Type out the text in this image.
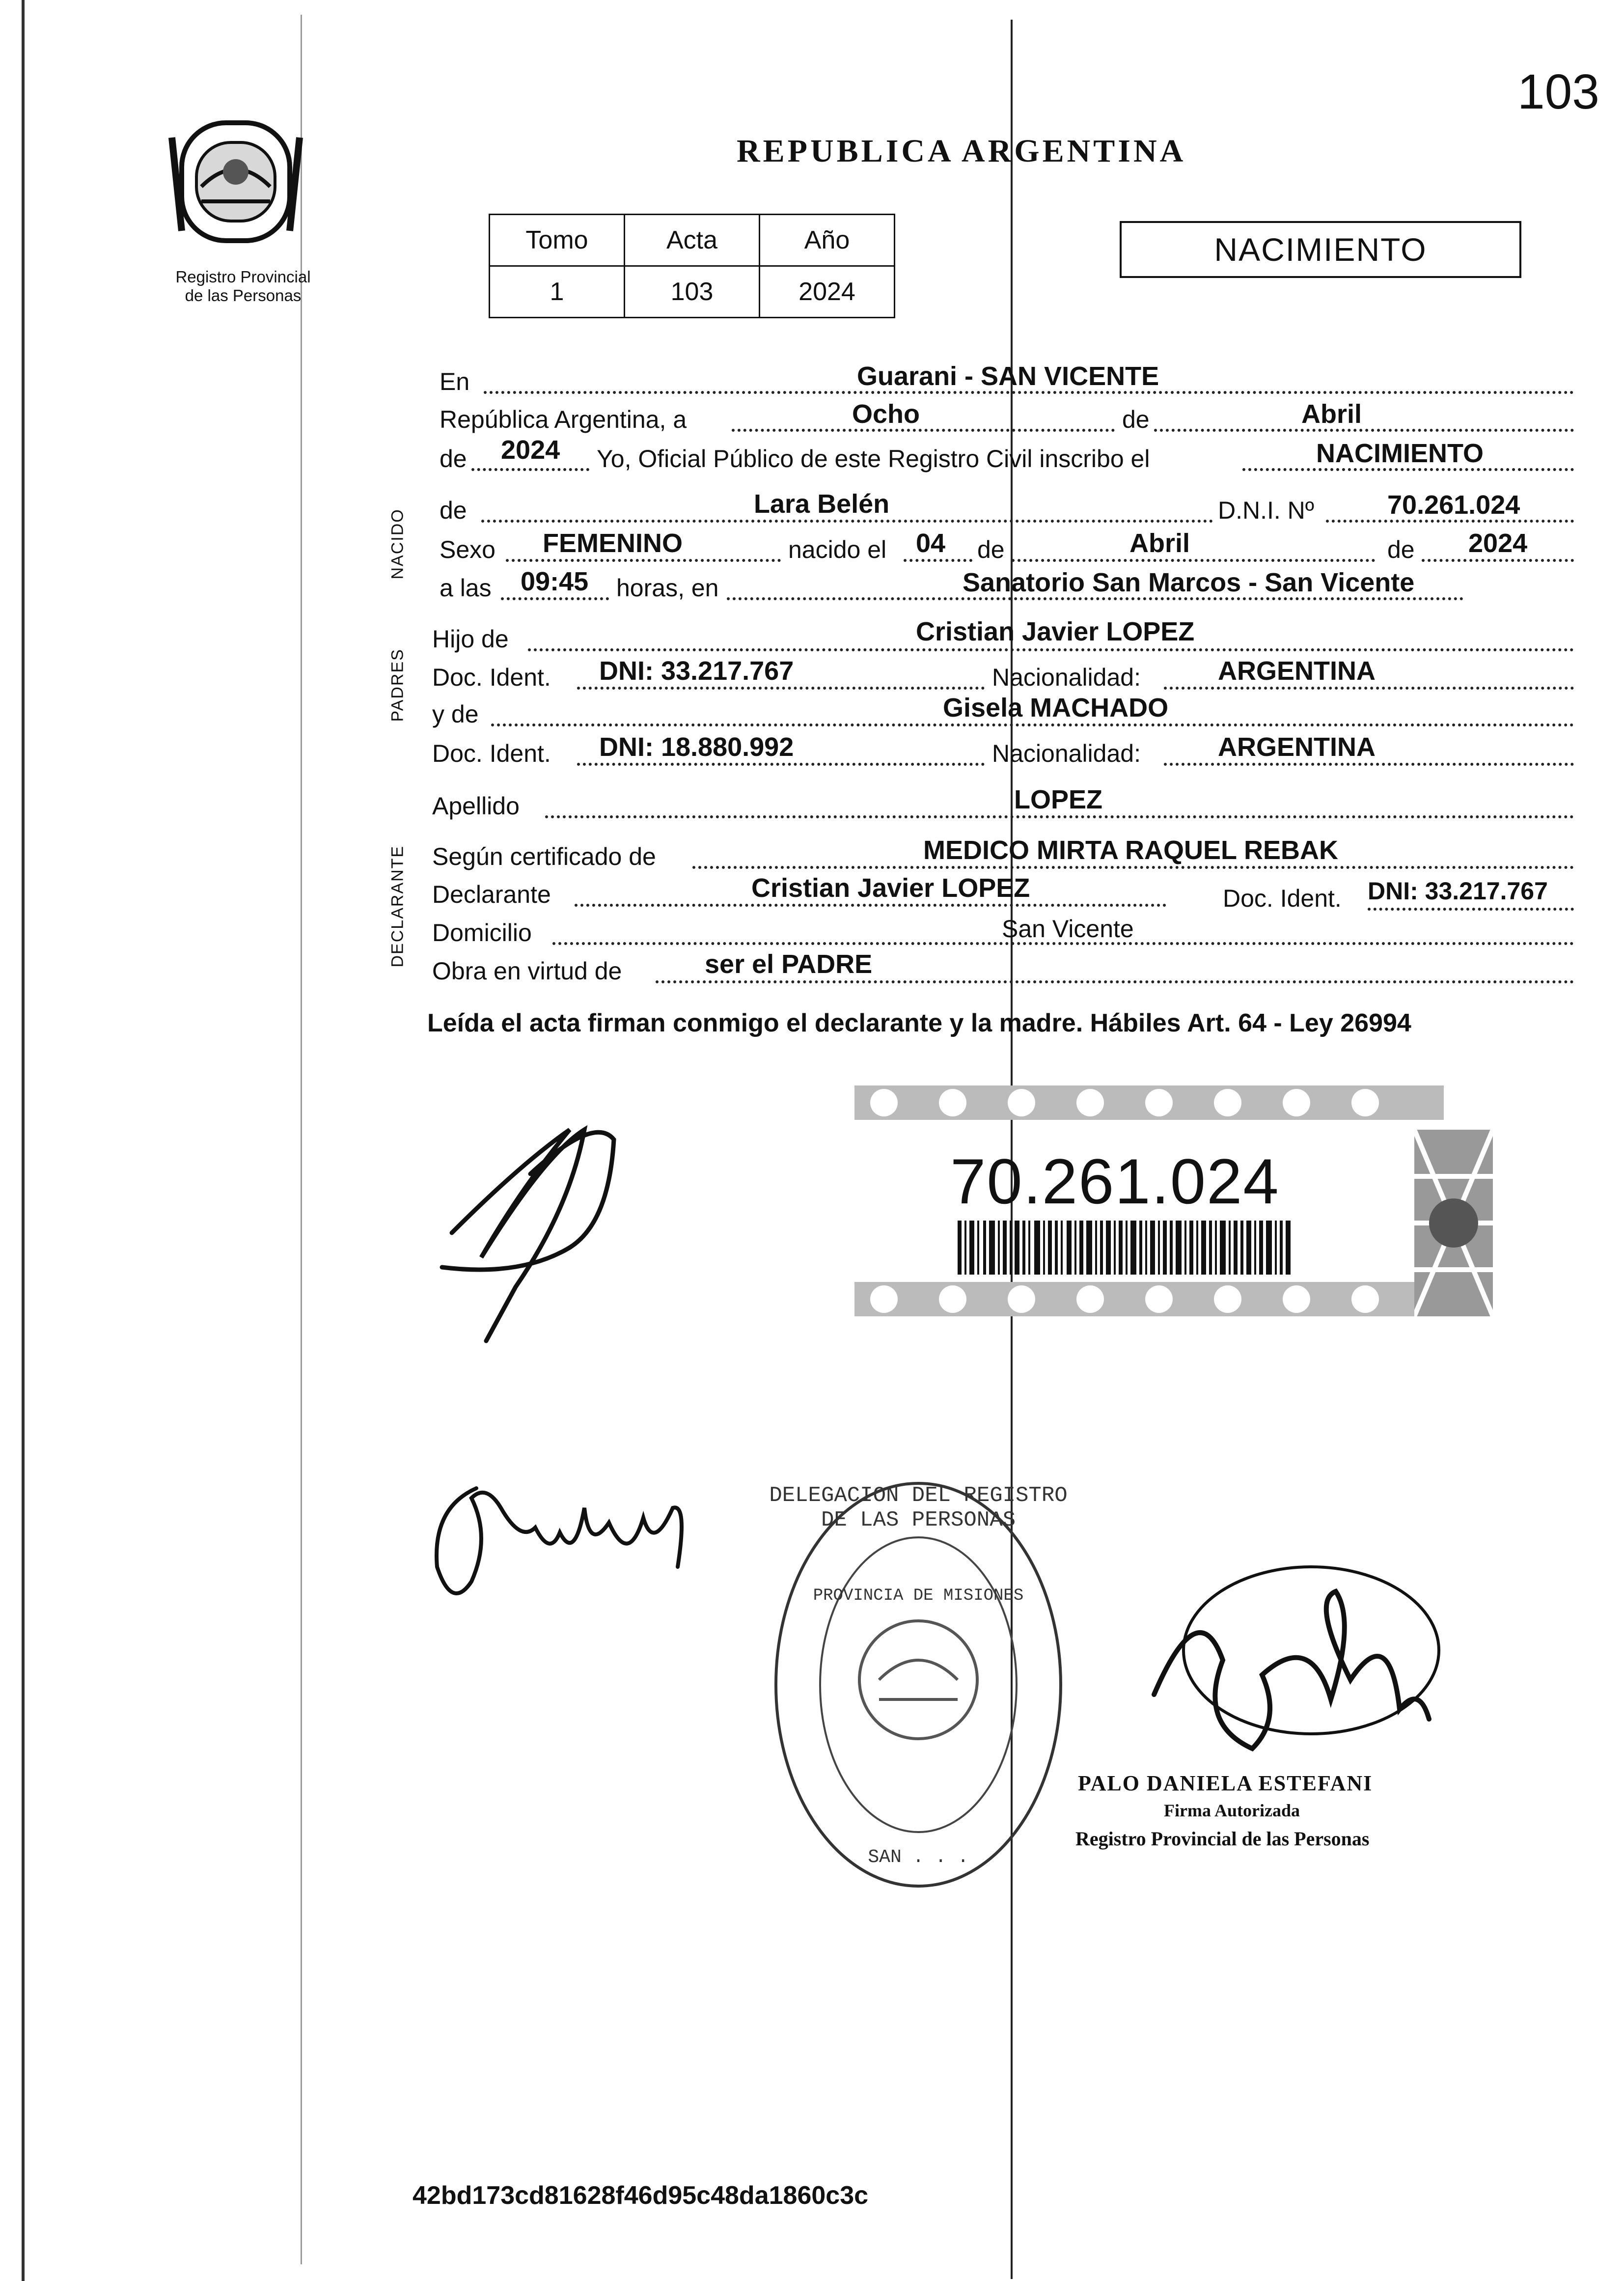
103
Registro Provincial
de las Personas
REPUBLICA ARGENTINA
Tomo	Acta	Año
1	103	2024
NACIMIENTO
NACIDO
PADRES
DECLARANTE
En	Guarani - SAN VICENTE
República Argentina, a	Ocho	de	Abril
de 2024 Yo, Oficial Público de este Registro Civil inscribo el	NACIMIENTO
de	Lara Belén	D.N.I. Nº	70.261.024
Sexo FEMENINO	nacido el 04 de	Abril	de 2024
a las 09:45 horas, en	Sanatorio San Marcos - San Vicente
Hijo de	Cristian Javier LOPEZ
Doc. Ident. DNI: 33.217.767	Nacionalidad:	ARGENTINA
y de	Gisela MACHADO
Doc. Ident. DNI: 18.880.992	Nacionalidad:	ARGENTINA
Apellido	LOPEZ
Según certificado de	MEDICO MIRTA RAQUEL REBAK
Declarante	Cristian Javier LOPEZ	Doc. Ident. DNI: 33.217.767
Domicilio	San Vicente
Obra en virtud de	ser el PADRE
Leída el acta firman conmigo el declarante y la madre. Hábiles Art. 64 - Ley 26994
70.261.024
DELEGACION DEL REGISTRO DE LAS PERSONAS
PROVINCIA DE MISIONES
SAN . . .
PALO DANIELA ESTEFANI
Firma Autorizada
Registro Provincial de las Personas
42bd173cd81628f46d95c48da1860c3c
